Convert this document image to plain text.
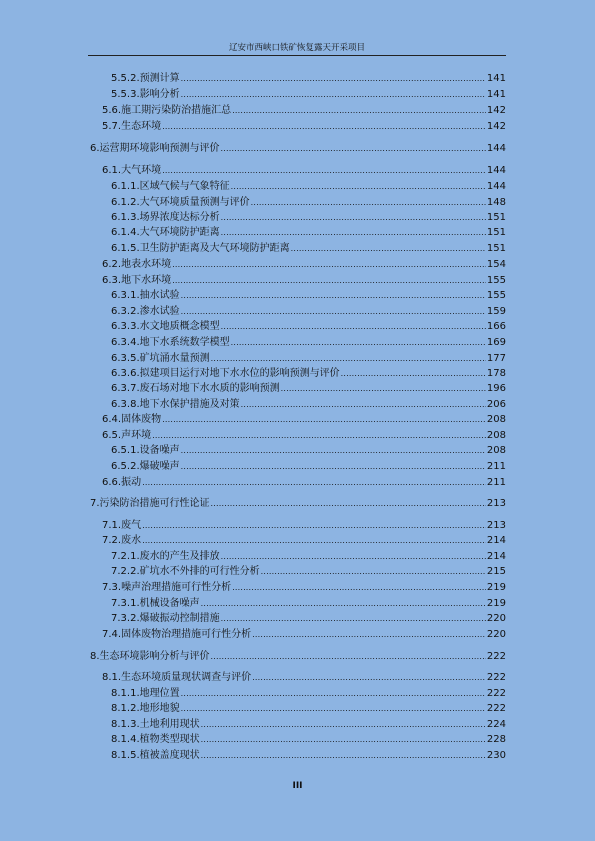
辽安市西峡口铁矿恢复露天开采项目
5.5.2. 预测计算 .....	141
5.5.3. 影响分析 .....	141
5.6. 施工期污染防治措施汇总 .....	142
5.7. 生态环境 .....	142
6. 运营期环境影响预测与评价 .....	144
6.1. 大气环境 .....	144
6.1.1. 区域气候与气象特征 .....	144
6.1.2. 大气环境质量预测与评价 .....	148
6.1.3. 场界浓度达标分析 .....	151
6.1.4. 大气环境防护距离 .....	151
6.1.5. 卫生防护距离及大气环境防护距离 .....	151
6.2. 地表水环境 .....	154
6.3. 地下水环境 .....	155
6.3.1. 抽水试验 .....	155
6.3.2. 渗水试验 .....	159
6.3.3. 水文地质概念模型 .....	166
6.3.4. 地下水系统数学模型 .....	169
6.3.5. 矿坑涌水量预测 .....	177
6.3.6. 拟建项目运行对地下水水位的影响预测与评价 .....	178
6.3.7. 废石场对地下水水质的影响预测 .....	196
6.3.8. 地下水保护措施及对策 .....	206
6.4. 固体废物 .....	208
6.5. 声环境 .....	208
6.5.1. 设备噪声 .....	208
6.5.2. 爆破噪声 .....	211
6.6. 振动 .....	211
7. 污染防治措施可行性论证 .....	213
7.1. 废气 .....	213
7.2. 废水 .....	214
7.2.1. 废水的产生及排放 .....	214
7.2.2. 矿坑水不外排的可行性分析 .....	215
7.3. 噪声治理措施可行性分析 .....	219
7.3.1. 机械设备噪声 .....	219
7.3.2. 爆破振动控制措施 .....	220
7.4. 固体废物治理措施可行性分析 .....	220
8. 生态环境影响分析与评价 .....	222
8.1. 生态环境质量现状调查与评价 .....	222
8.1.1. 地理位置 .....	222
8.1.2. 地形地貌 .....	222
8.1.3. 土地利用现状 .....	224
8.1.4. 植物类型现状 .....	228
8.1.5. 植被盖度现状 .....	230
III
